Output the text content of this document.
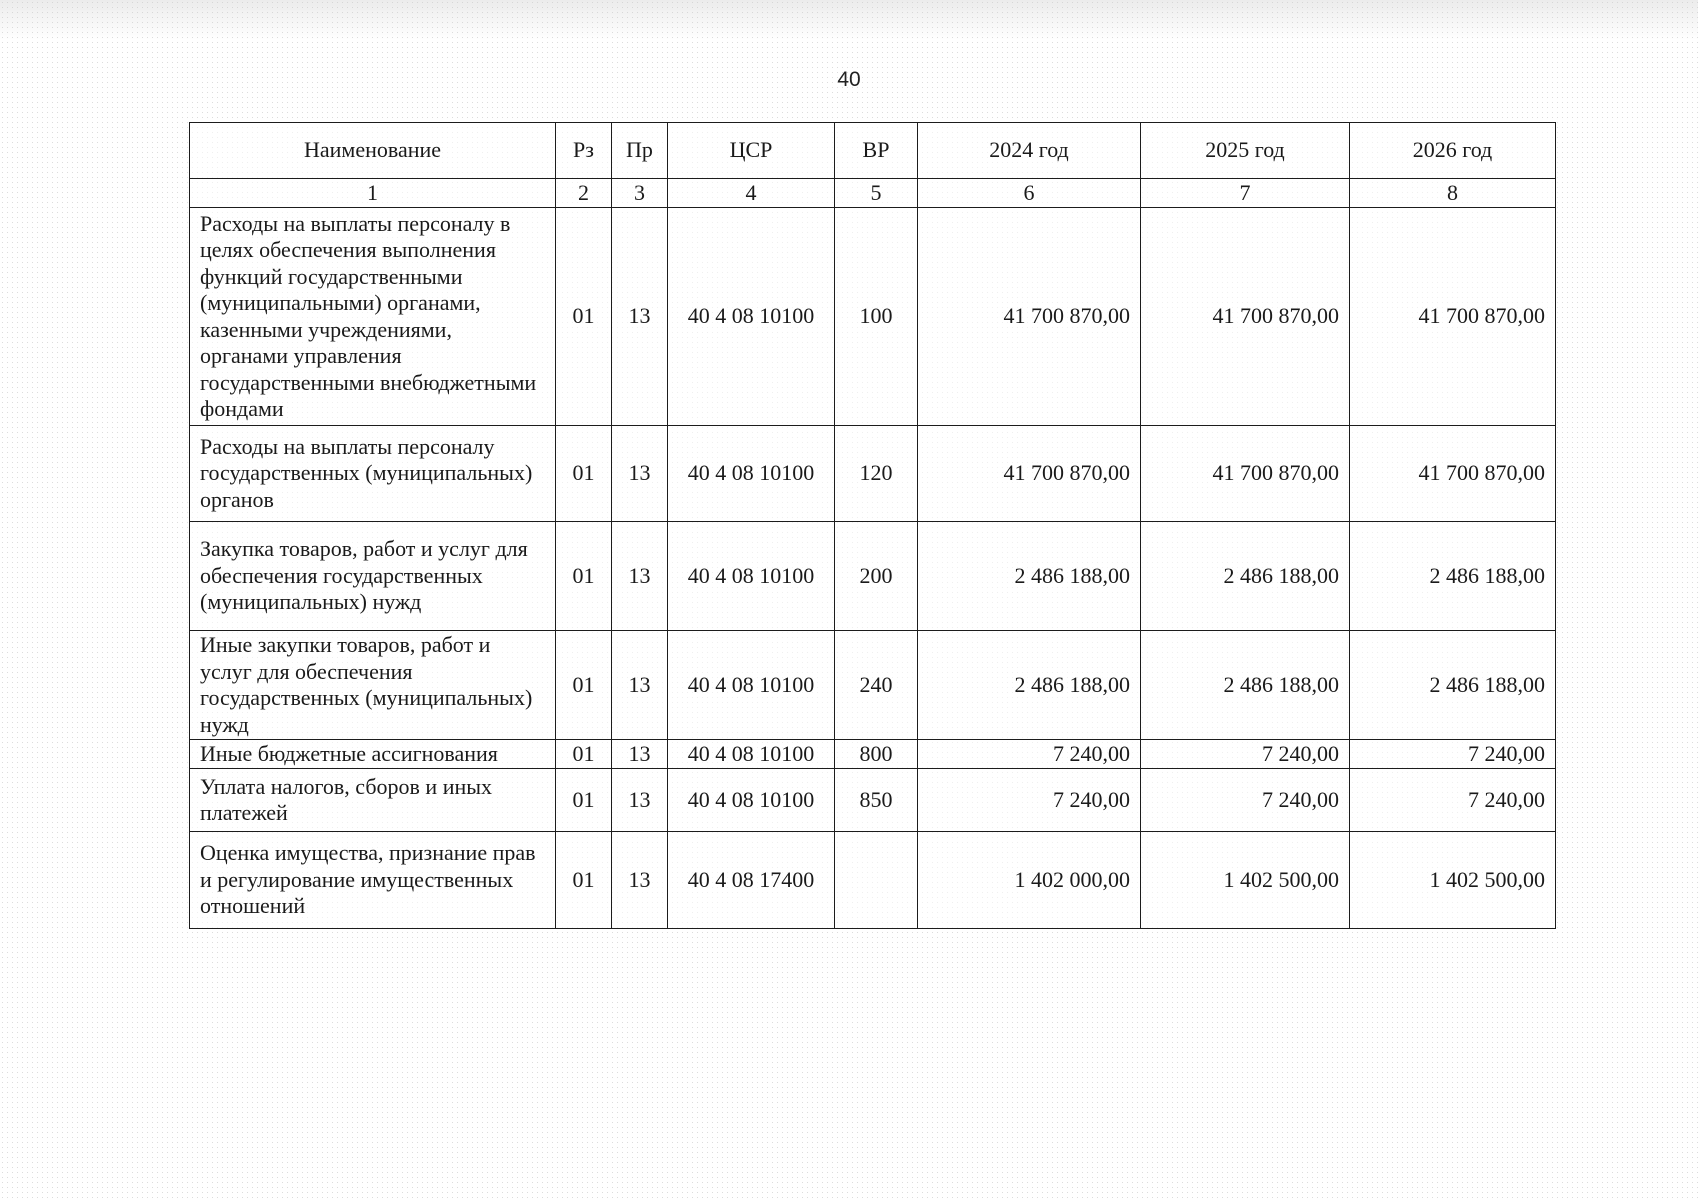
40
Наименование	Рз	Пр	ЦСР	ВР	2024 год	2025 год	2026 год
1	2	3	4	5	6	7	8
Расходы на выплаты персоналу в целях обеспечения выполнения функций государственными (муниципальными) органами, казенными учреждениями, органами управления государственными внебюджетными фондами	01	13	40 4 08 10100	100	41 700 870,00	41 700 870,00	41 700 870,00
Расходы на выплаты персоналу государственных (муниципальных) органов	01	13	40 4 08 10100	120	41 700 870,00	41 700 870,00	41 700 870,00
Закупка товаров, работ и услуг для обеспечения государственных (муниципальных) нужд	01	13	40 4 08 10100	200	2 486 188,00	2 486 188,00	2 486 188,00
Иные закупки товаров, работ и услуг для обеспечения государственных (муниципальных) нужд	01	13	40 4 08 10100	240	2 486 188,00	2 486 188,00	2 486 188,00
Иные бюджетные ассигнования	01	13	40 4 08 10100	800	7 240,00	7 240,00	7 240,00
Уплата налогов, сборов и иных платежей	01	13	40 4 08 10100	850	7 240,00	7 240,00	7 240,00
Оценка имущества, признание прав и регулирование имущественных отношений	01	13	40 4 08 17400		1 402 000,00	1 402 500,00	1 402 500,00
